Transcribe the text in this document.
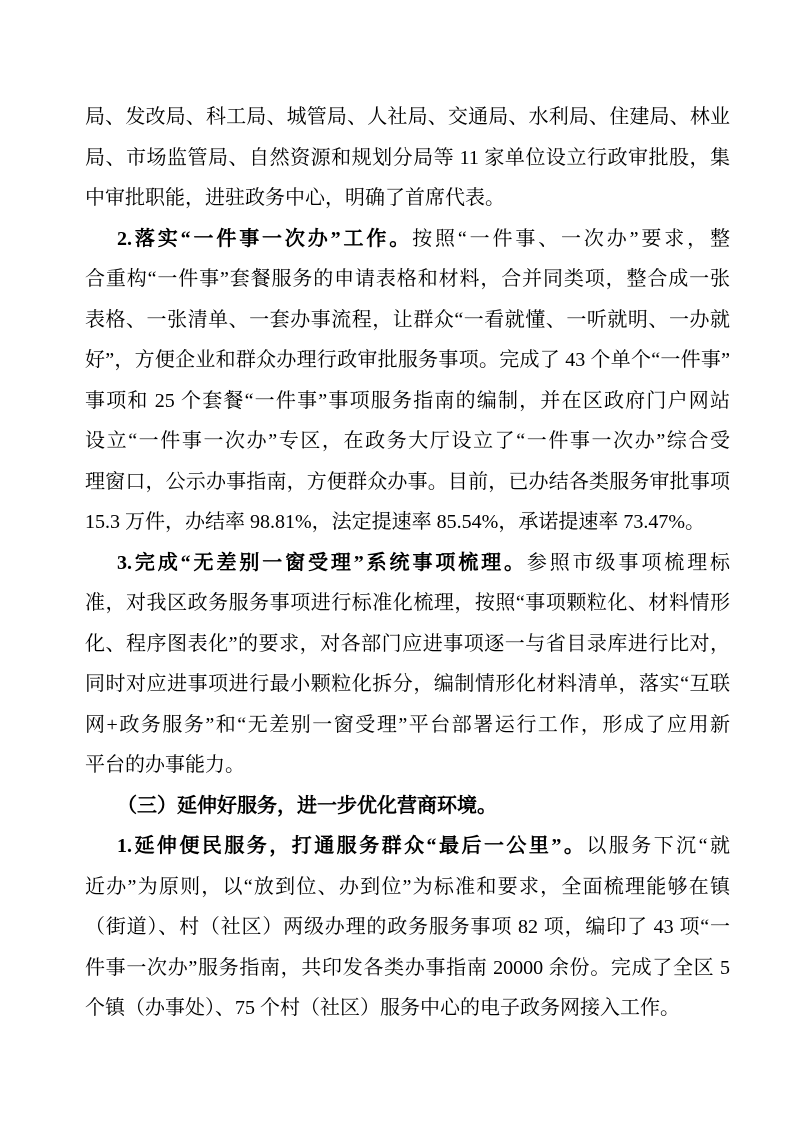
局、发改局、科工局、城管局、人社局、交通局、水利局、住建局、林业
局、市场监管局、自然资源和规划分局等 11 家单位设立行政审批股，集
中审批职能，进驻政务中心，明确了首席代表。
2.落实“一件事一次办”工作。按照“一件事、一次办”要求，整
合重构“一件事”套餐服务的申请表格和材料，合并同类项，整合成一张
表格、一张清单、一套办事流程，让群众“一看就懂、一听就明、一办就
好”，方便企业和群众办理行政审批服务事项。完成了 43 个单个“一件事”
事项和 25 个套餐“一件事”事项服务指南的编制，并在区政府门户网站
设立“一件事一次办”专区，在政务大厅设立了“一件事一次办”综合受
理窗口，公示办事指南，方便群众办事。目前，已办结各类服务审批事项
15.3 万件，办结率 98.81%，法定提速率 85.54%，承诺提速率 73.47%。
3.完成“无差别一窗受理”系统事项梳理。参照市级事项梳理标
准，对我区政务服务事项进行标准化梳理，按照“事项颗粒化、材料情形
化、程序图表化”的要求，对各部门应进事项逐一与省目录库进行比对，
同时对应进事项进行最小颗粒化拆分，编制情形化材料清单，落实“互联
网+政务服务”和“无差别一窗受理”平台部署运行工作，形成了应用新
平台的办事能力。
（三）延伸好服务，进一步优化营商环境。
1.延伸便民服务，打通服务群众“最后一公里”。以服务下沉“就
近办”为原则，以“放到位、办到位”为标准和要求，全面梳理能够在镇
（街道）、村（社区）两级办理的政务服务事项 82 项，编印了 43 项“一
件事一次办”服务指南，共印发各类办事指南 20000 余份。完成了全区 5
个镇（办事处）、75 个村（社区）服务中心的电子政务网接入工作。
